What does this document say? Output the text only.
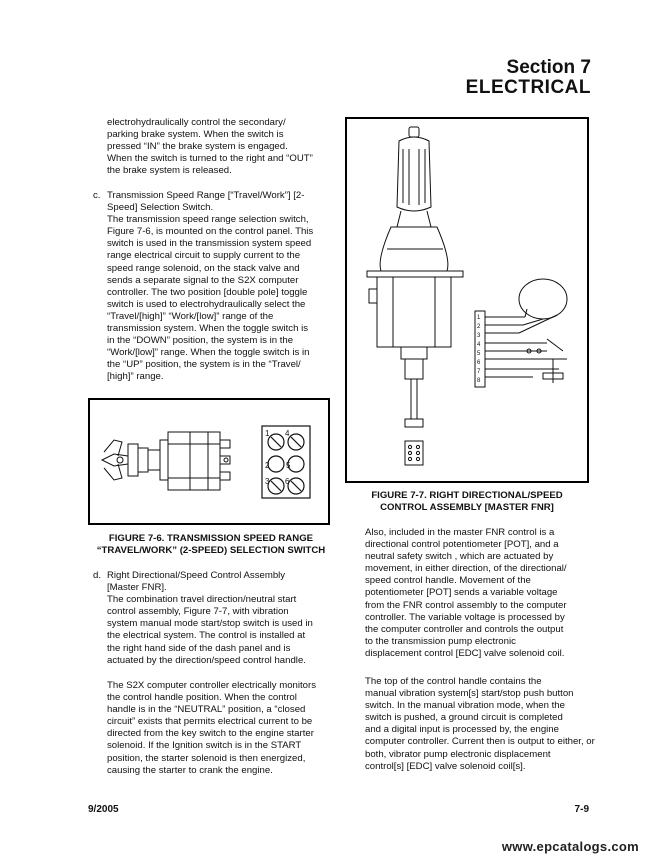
Section 7
ELECTRICAL
electrohydraulically control the secondary/
parking brake system. When the switch is
pressed “IN” the brake system is engaged.
When the switch is turned to the right and “OUT”
the brake system is released.
c. Transmission Speed Range [“Travel/Work”] [2-
Speed] Selection Switch.
The transmission speed range selection switch,
Figure 7-6, is mounted on the control panel. This
switch is used in the transmission system speed
range electrical circuit to supply current to the
speed range solenoid, on the stack valve and
sends a separate signal to the S2X computer
controller. The two position [double pole] toggle
switch is used to electrohydraulically select the
“Travel/[high]” “Work/[low]” range of the
transmission system. When the toggle switch is
in the “DOWN” position, the system is in the
“Work/[low]” range. When the toggle switch is in
the “UP” position, the system is in the “Travel/
[high]” range.
1 4
2 5
3 6
FIGURE 7-6. TRANSMISSION SPEED RANGE
“TRAVEL/WORK” (2-SPEED) SELECTION SWITCH
d. Right Directional/Speed Control Assembly
[Master FNR].
The combination travel direction/neutral start
control assembly, Figure 7-7, with vibration
system manual mode start/stop switch is used in
the electrical system. The control is installed at
the right hand side of the dash panel and is
actuated by the direction/speed control handle.
The S2X computer controller electrically monitors
the control handle position. When the control
handle is in the “NEUTRAL” position, a “closed
circuit” exists that permits electrical current to be
directed from the key switch to the engine starter
solenoid. If the Ignition switch is in the START
position, the starter solenoid is then energized,
causing the starter to crank the engine.
1
2
3
4
5
6
7
8
FIGURE 7-7. RIGHT DIRECTIONAL/SPEED
CONTROL ASSEMBLY [MASTER FNR]
Also, included in the master FNR control is a
directional control potentiometer [POT], and a
neutral safety switch , which are actuated by
movement, in either direction, of the directional/
speed control handle. Movement of the
potentiometer [POT] sends a variable voltage
from the FNR control assembly to the computer
controller. The variable voltage is processed by
the computer controller and controls the output
to the transmission pump electronic
displacement control [EDC] valve solenoid coil.
The top of the control handle contains the
manual vibration system[s] start/stop push button
switch. In the manual vibration mode, when the
switch is pushed, a ground circuit is completed
and a digital input is processed by, the engine
computer controller. Current then is output to either, or
both, vibrator pump electronic displacement
control[s] [EDC] valve solenoid coil[s].
9/2005	7-9
www.epcatalogs.com
